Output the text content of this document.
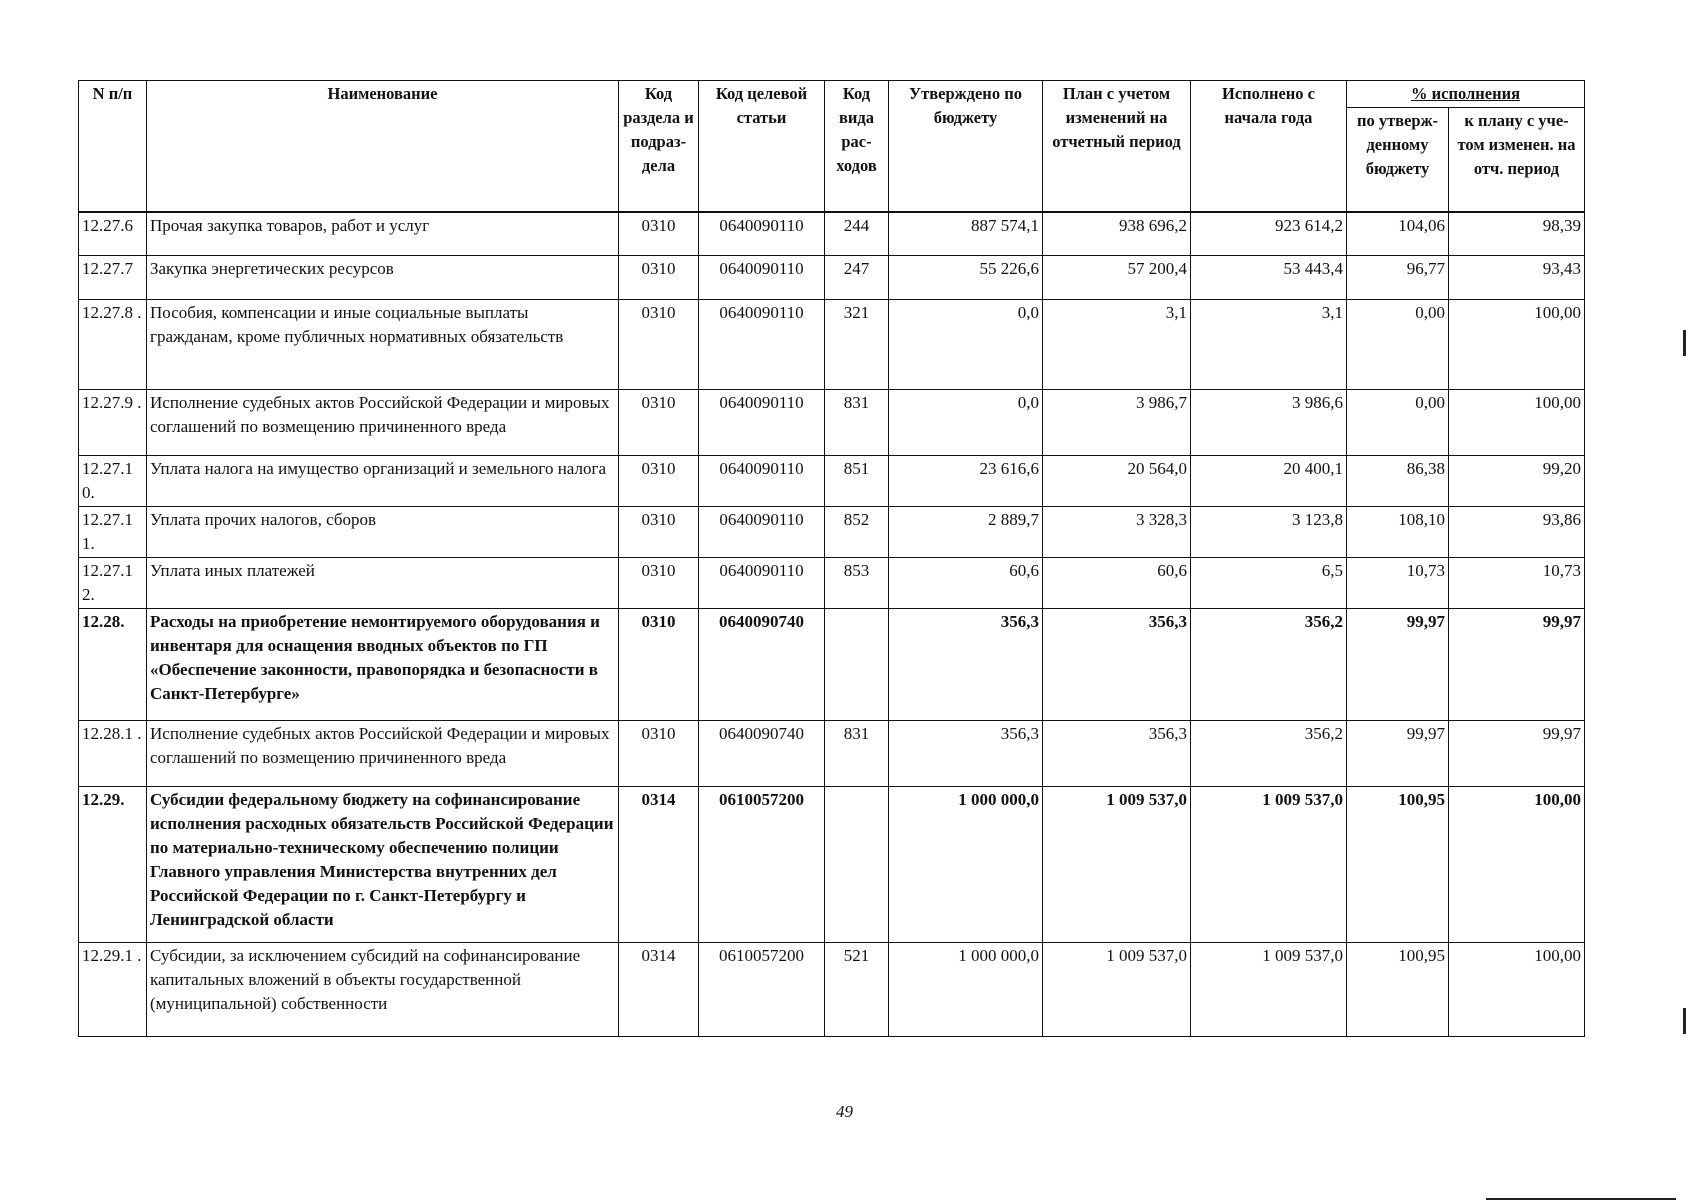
N п/п	Наименование	Код раздела и подраз- дела	Код целевой статьи	Код вида рас- ходов	Утверждено по бюджету	План с учетом изменений на отчетный период	Исполнено с начала года	% исполнения	
								по утверж- денному бюджету	к плану с уче- том изменен. на отч. период
12.27.6	Прочая закупка товаров, работ и услуг	0310	0640090110	244	887 574,1	938 696,2	923 614,2	104,06	98,39
12.27.7	Закупка энергетических ресурсов	0310	0640090110	247	55 226,6	57 200,4	53 443,4	96,77	93,43
12.27.8 .	Пособия, компенсации и иные социальные выплаты гражданам, кроме публичных нормативных обязательств	0310	0640090110	321	0,0	3,1	3,1	0,00	100,00
12.27.9 .	Исполнение судебных актов Российской Федерации и мировых соглашений по возмещению причиненного вреда	0310	0640090110	831	0,0	3 986,7	3 986,6	0,00	100,00
12.27.1 0.	Уплата налога на имущество организаций и земельного налога	0310	0640090110	851	23 616,6	20 564,0	20 400,1	86,38	99,20
12.27.1 1.	Уплата прочих налогов, сборов	0310	0640090110	852	2 889,7	3 328,3	3 123,8	108,10	93,86
12.27.1 2.	Уплата иных платежей	0310	0640090110	853	60,6	60,6	6,5	10,73	10,73
12.28.	Расходы на приобретение немонтируемого оборудования и инвентаря для оснащения вводных объектов по ГП «Обеспечение законности, правопорядка и безопасности в Санкт-Петербурге»	0310	0640090740		356,3	356,3	356,2	99,97	99,97
12.28.1 .	Исполнение судебных актов Российской Федерации и мировых соглашений по возмещению причиненного вреда	0310	0640090740	831	356,3	356,3	356,2	99,97	99,97
12.29.	Субсидии федеральному бюджету на софинансирование исполнения расходных обязательств Российской Федерации по материально-техническому обеспечению полиции Главного управления Министерства внутренних дел Российской Федерации по г. Санкт-Петербургу и Ленинградской области	0314	0610057200		1 000 000,0	1 009 537,0	1 009 537,0	100,95	100,00
12.29.1 .	Субсидии, за исключением субсидий на софинансирование капитальных вложений в объекты государственной (муниципальной) собственности	0314	0610057200	521	1 000 000,0	1 009 537,0	1 009 537,0	100,95	100,00
49
